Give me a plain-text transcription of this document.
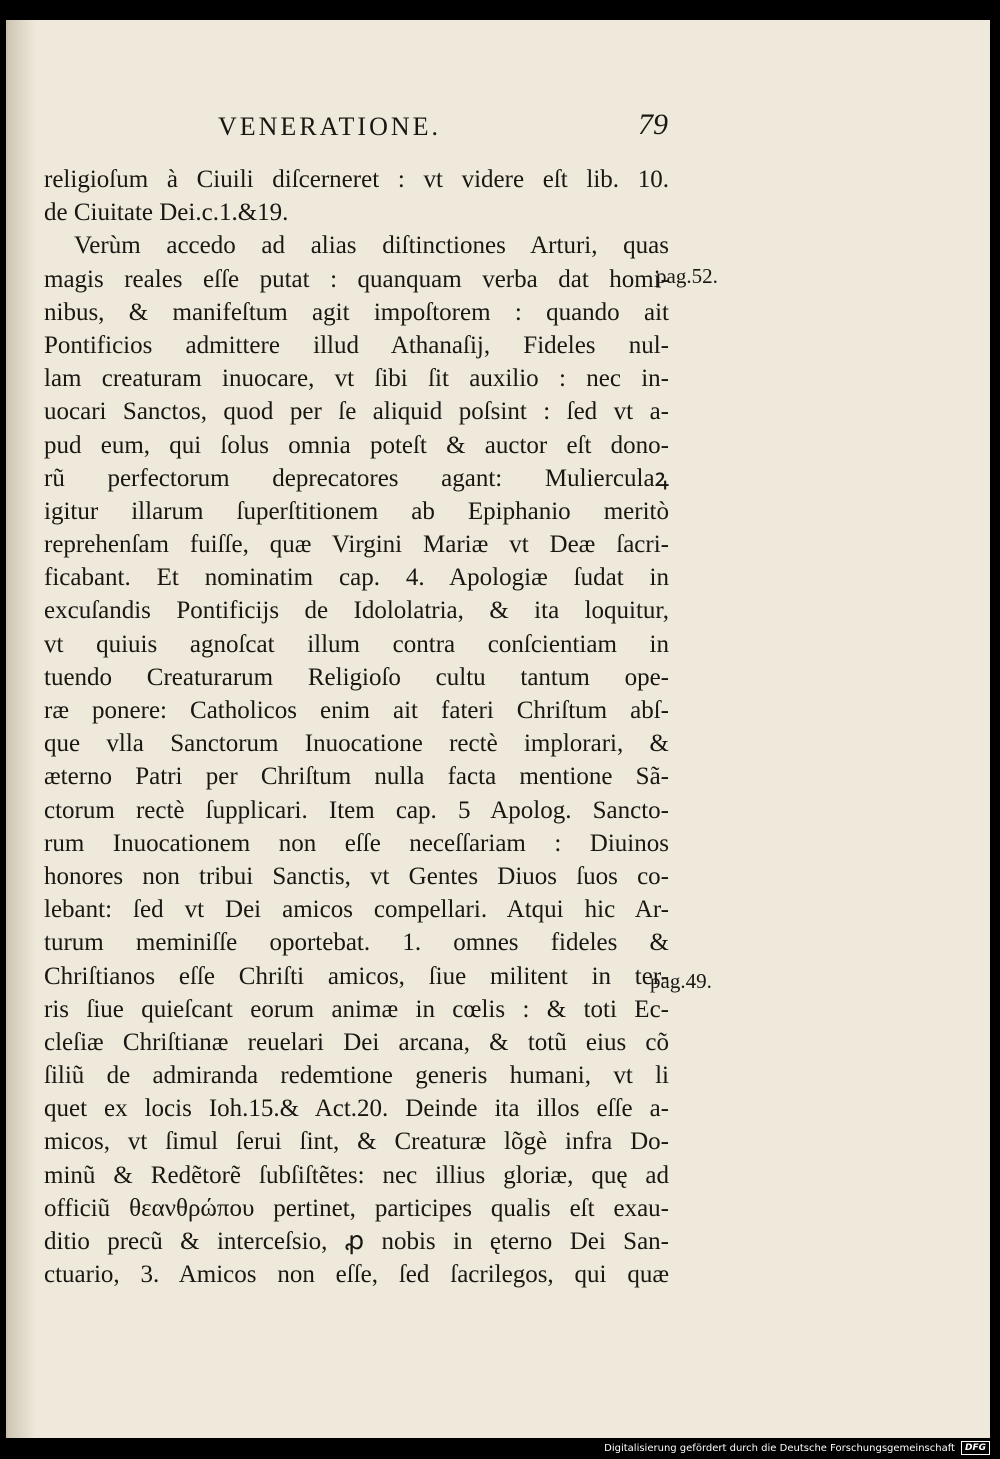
VENERATIONE.	79
religioſum à Ciuili diſcerneret : vt videre eſt lib. 10.
de Ciuitate Dei.c.1.&19.
Verùm accedo ad alias diſtinctiones Arturi, quas
magis reales eſſe putat : quanquam verba dat homi-
nibus, & manifeſtum agit impoſtorem : quando ait
Pontificios admittere illud Athanaſij, Fideles nul-
lam creaturam inuocare, vt ſibi ſit auxilio : nec in-
uocari Sanctos, quod per ſe aliquid poſsint : ſed vt a-
pud eum, qui ſolus omnia poteſt & auctor eſt dono-
rũ perfectorum deprecatores agant: Mulierculaꝝ
igitur illarum ſuperſtitionem ab Epiphanio meritò
reprehenſam fuiſſe, quæ Virgini Mariæ vt Deæ ſacri-
ficabant. Et nominatim cap. 4. Apologiæ ſudat in
excuſandis Pontificijs de Idololatria, & ita loquitur,
vt quiuis agnoſcat illum contra conſcientiam in
tuendo Creaturarum Religioſo cultu tantum ope-
ræ ponere: Catholicos enim ait fateri Chriſtum abſ-
que vlla Sanctorum Inuocatione rectè implorari, &
æterno Patri per Chriſtum nulla facta mentione Sã-
ctorum rectè ſupplicari. Item cap. 5 Apolog. Sancto-
rum Inuocationem non eſſe neceſſariam : Diuinos
honores non tribui Sanctis, vt Gentes Diuos ſuos co-
lebant: ſed vt Dei amicos compellari. Atqui hic Ar-
turum meminiſſe oportebat. 1. omnes fideles &
Chriſtianos eſſe Chriſti amicos, ſiue militent in ter-
ris ſiue quieſcant eorum animæ in cœlis : & toti Ec-
cleſiæ Chriſtianæ reuelari Dei arcana, & totũ eius cõ
ſiliũ de admiranda redemtione generis humani, vt li
quet ex locis Ioh.15.& Act.20. Deinde ita illos eſſe a-
micos, vt ſimul ſerui ſint, & Creaturæ lõgè infra Do-
minũ & Redẽtorẽ ſubſiſtẽtes: nec illius gloriæ, quę ad
officiũ θεανθρώπου pertinet, participes qualis eſt exau-
ditio precũ & interceſsio, ꝓ nobis in ęterno Dei San-
ctuario, 3. Amicos non eſſe, ſed ſacrilegos, qui quæ
pag.52.
pag.49.
Digitalisierung gefördert durch die Deutsche Forschungsgemeinschaft	DFG
